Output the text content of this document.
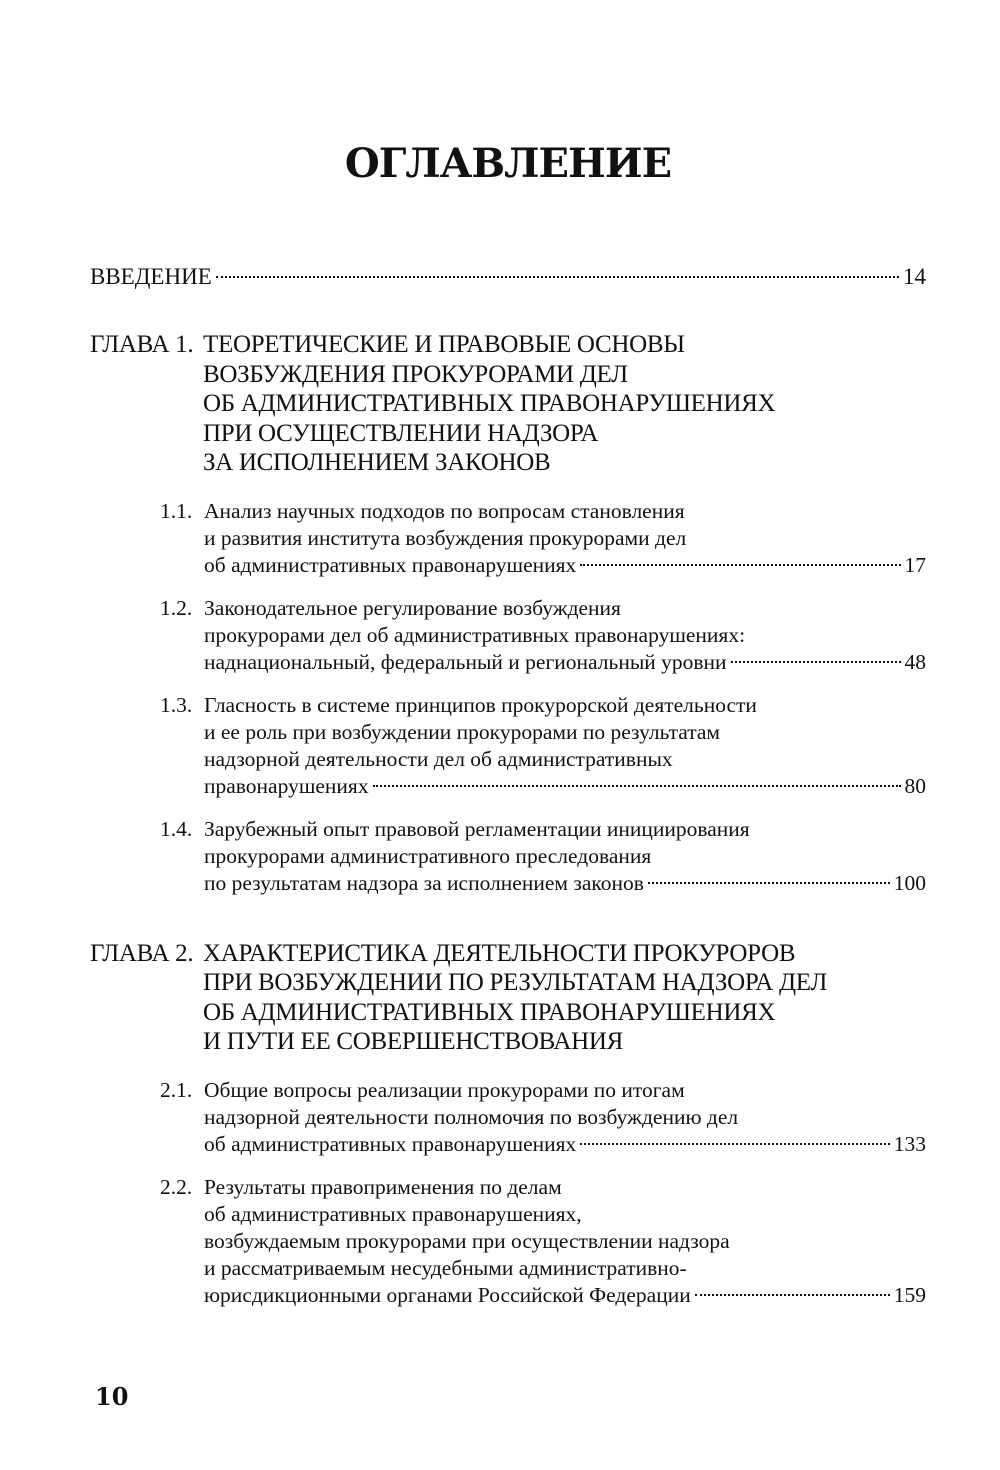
ОГЛАВЛЕНИЕ
ВВЕДЕНИЕ	14
ГЛАВА 1. ТЕОРЕТИЧЕСКИЕ И ПРАВОВЫЕ ОСНОВЫ
ВОЗБУЖДЕНИЯ ПРОКУРОРАМИ ДЕЛ
ОБ АДМИНИСТРАТИВНЫХ ПРАВОНАРУШЕНИЯХ
ПРИ ОСУЩЕСТВЛЕНИИ НАДЗОРА
ЗА ИСПОЛНЕНИЕМ ЗАКОНОВ
1.1. Анализ научных подходов по вопросам становления
и развития института возбуждения прокурорами дел
об административных правонарушениях	17
1.2. Законодательное регулирование возбуждения
прокурорами дел об административных правонарушениях:
наднациональный, федеральный и региональный уровни	48
1.3. Гласность в системе принципов прокурорской деятельности
и ее роль при возбуждении прокурорами по результатам
надзорной деятельности дел об административных
правонарушениях	80
1.4. Зарубежный опыт правовой регламентации инициирования
прокурорами административного преследования
по результатам надзора за исполнением законов	100
ГЛАВА 2. ХАРАКТЕРИСТИКА ДЕЯТЕЛЬНОСТИ ПРОКУРОРОВ
ПРИ ВОЗБУЖДЕНИИ ПО РЕЗУЛЬТАТАМ НАДЗОРА ДЕЛ
ОБ АДМИНИСТРАТИВНЫХ ПРАВОНАРУШЕНИЯХ
И ПУТИ ЕЕ СОВЕРШЕНСТВОВАНИЯ
2.1. Общие вопросы реализации прокурорами по итогам
надзорной деятельности полномочия по возбуждению дел
об административных правонарушениях	133
2.2. Результаты правоприменения по делам
об административных правонарушениях,
возбуждаемым прокурорами при осуществлении надзора
и рассматриваемым несудебными административно-
юрисдикционными органами Российской Федерации	159
10
